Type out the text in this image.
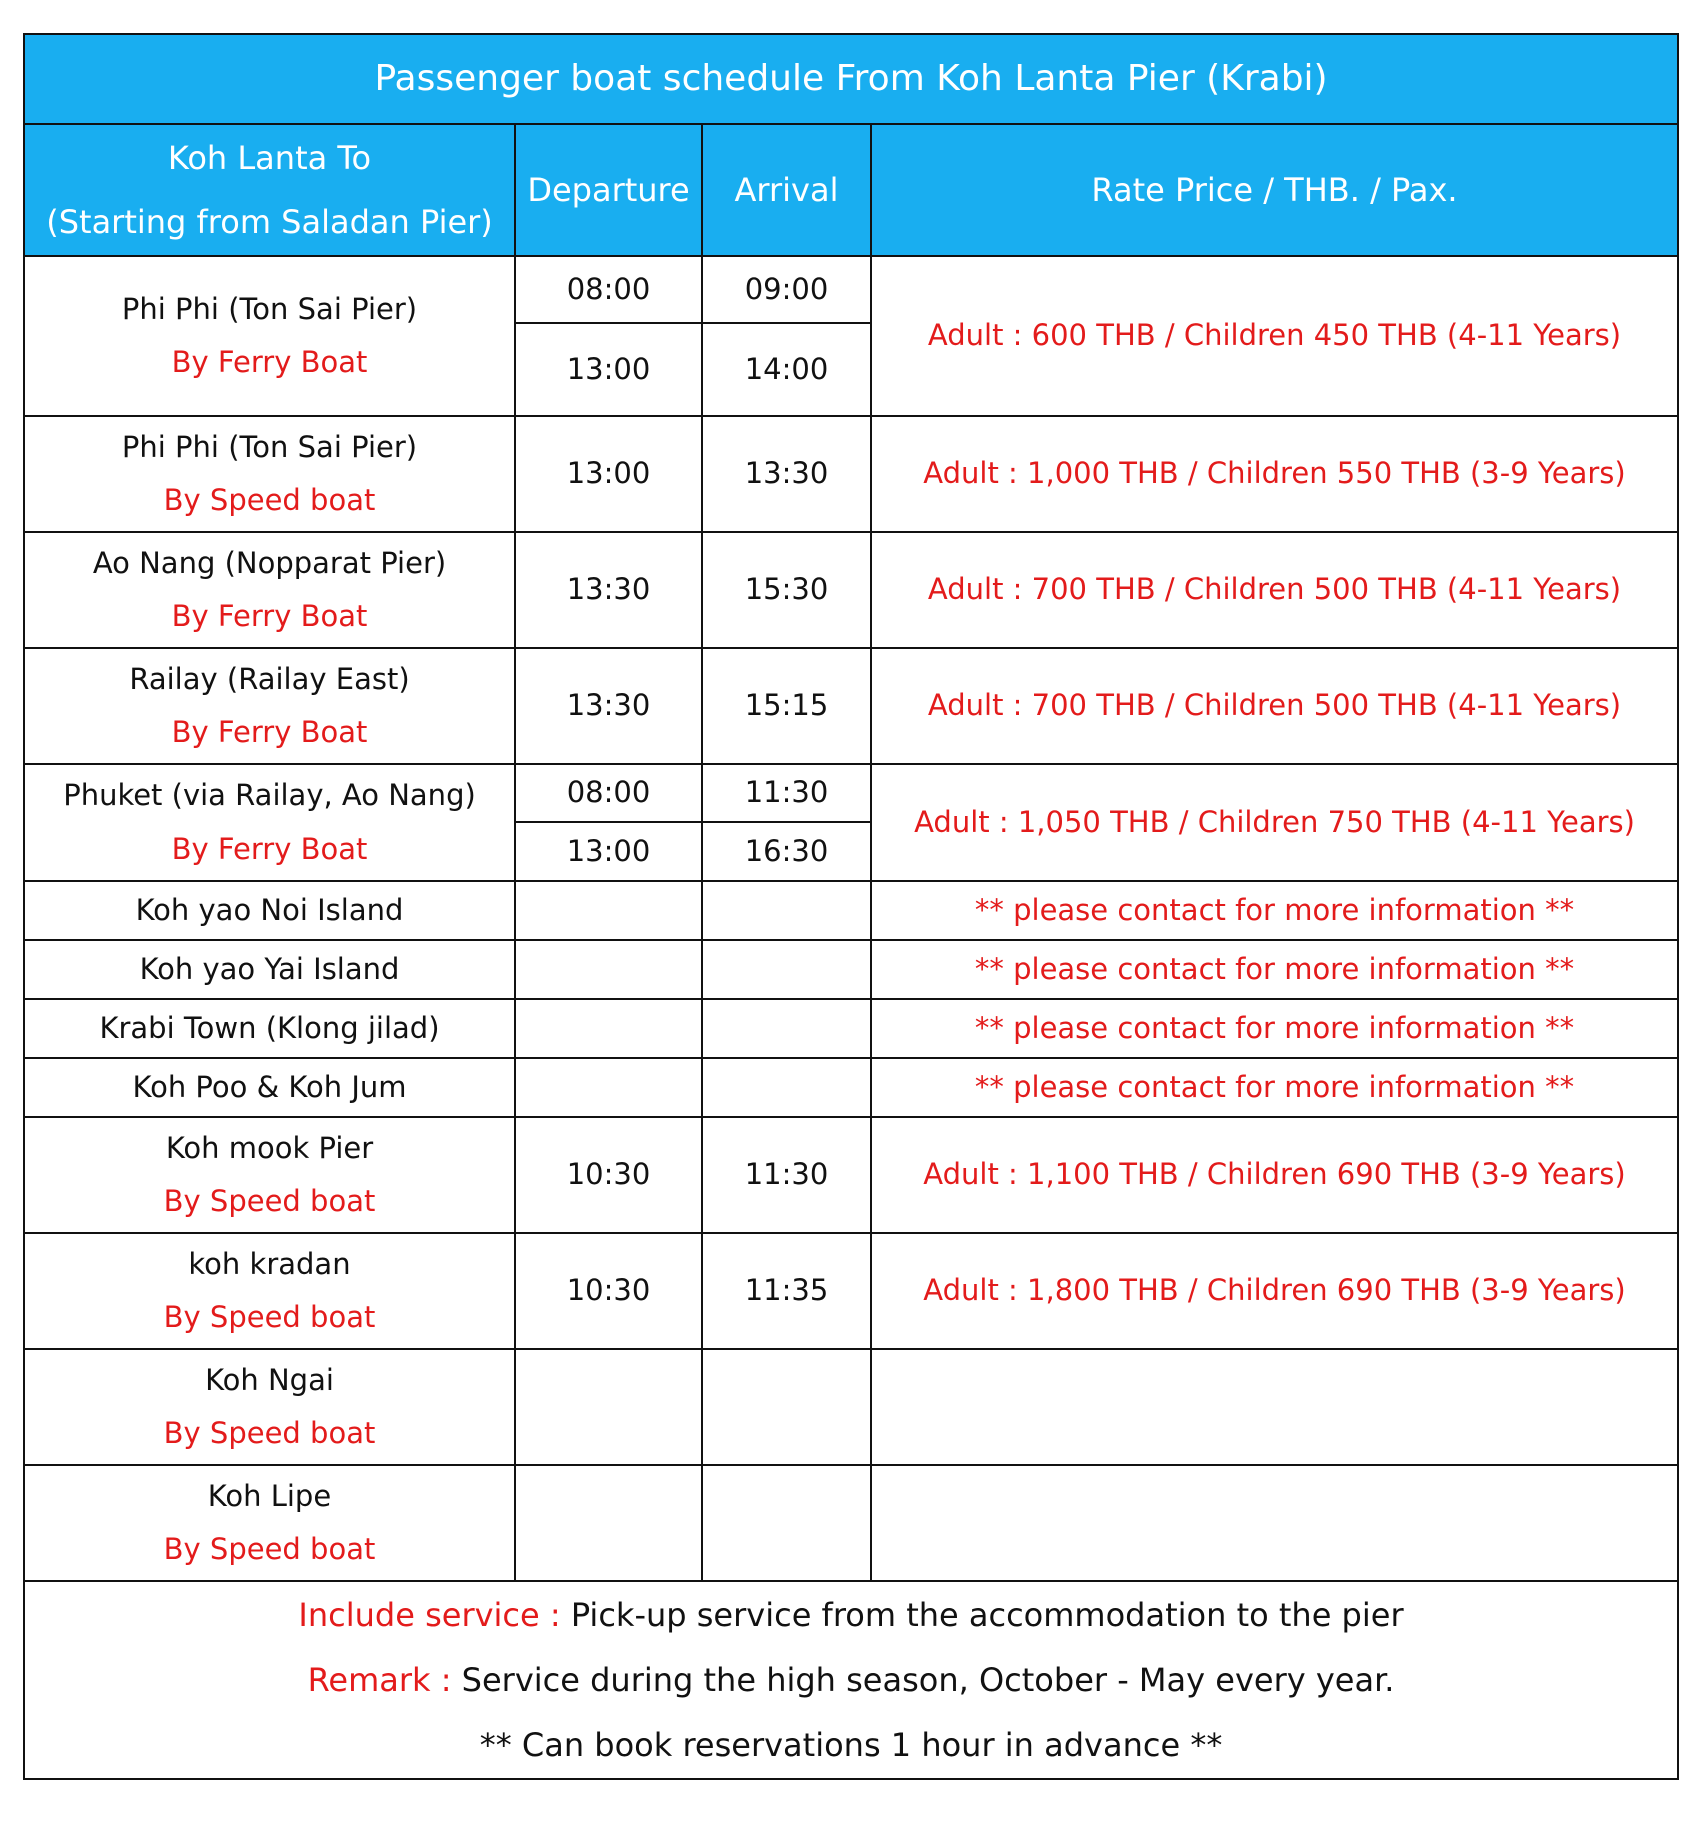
Passenger boat schedule From Koh Lanta Pier (Krabi)			

Koh Lanta To
(Starting from Saladan Pier)	Departure	Arrival	Rate Price / THB. / Pax.

Phi Phi (Ton Sai Pier)
By Ferry Boat	08:00	09:00	Adult : 600 THB / Children 450 THB (4-11 Years)
	13:00	14:00	

Phi Phi (Ton Sai Pier)
By Speed boat	13:00	13:30	Adult : 1,000 THB / Children 550 THB (3-9 Years)

Ao Nang (Nopparat Pier)
By Ferry Boat	13:30	15:30	Adult : 700 THB / Children 500 THB (4-11 Years)

Railay (Railay East)
By Ferry Boat	13:30	15:15	Adult : 700 THB / Children 500 THB (4-11 Years)

Phuket (via Railay, Ao Nang)
By Ferry Boat	08:00	11:30	Adult : 1,050 THB / Children 750 THB (4-11 Years)
	13:00	16:30	
Koh yao Noi Island			** please contact for more information **
Koh yao Yai Island			** please contact for more information **
Krabi Town (Klong jilad)			** please contact for more information **
Koh Poo & Koh Jum			** please contact for more information **

Koh mook Pier
By Speed boat	10:30	11:30	Adult : 1,100 THB / Children 690 THB (3-9 Years)

koh kradan
By Speed boat	10:30	11:35	Adult : 1,800 THB / Children 690 THB (3-9 Years)

Koh Ngai
By Speed boat			

Koh Lipe
By Speed boat			

Include service : Pick-up service from the accommodation to the pier
Remark : Service during the high season, October - May every year.
** Can book reservations 1 hour in advance **			
